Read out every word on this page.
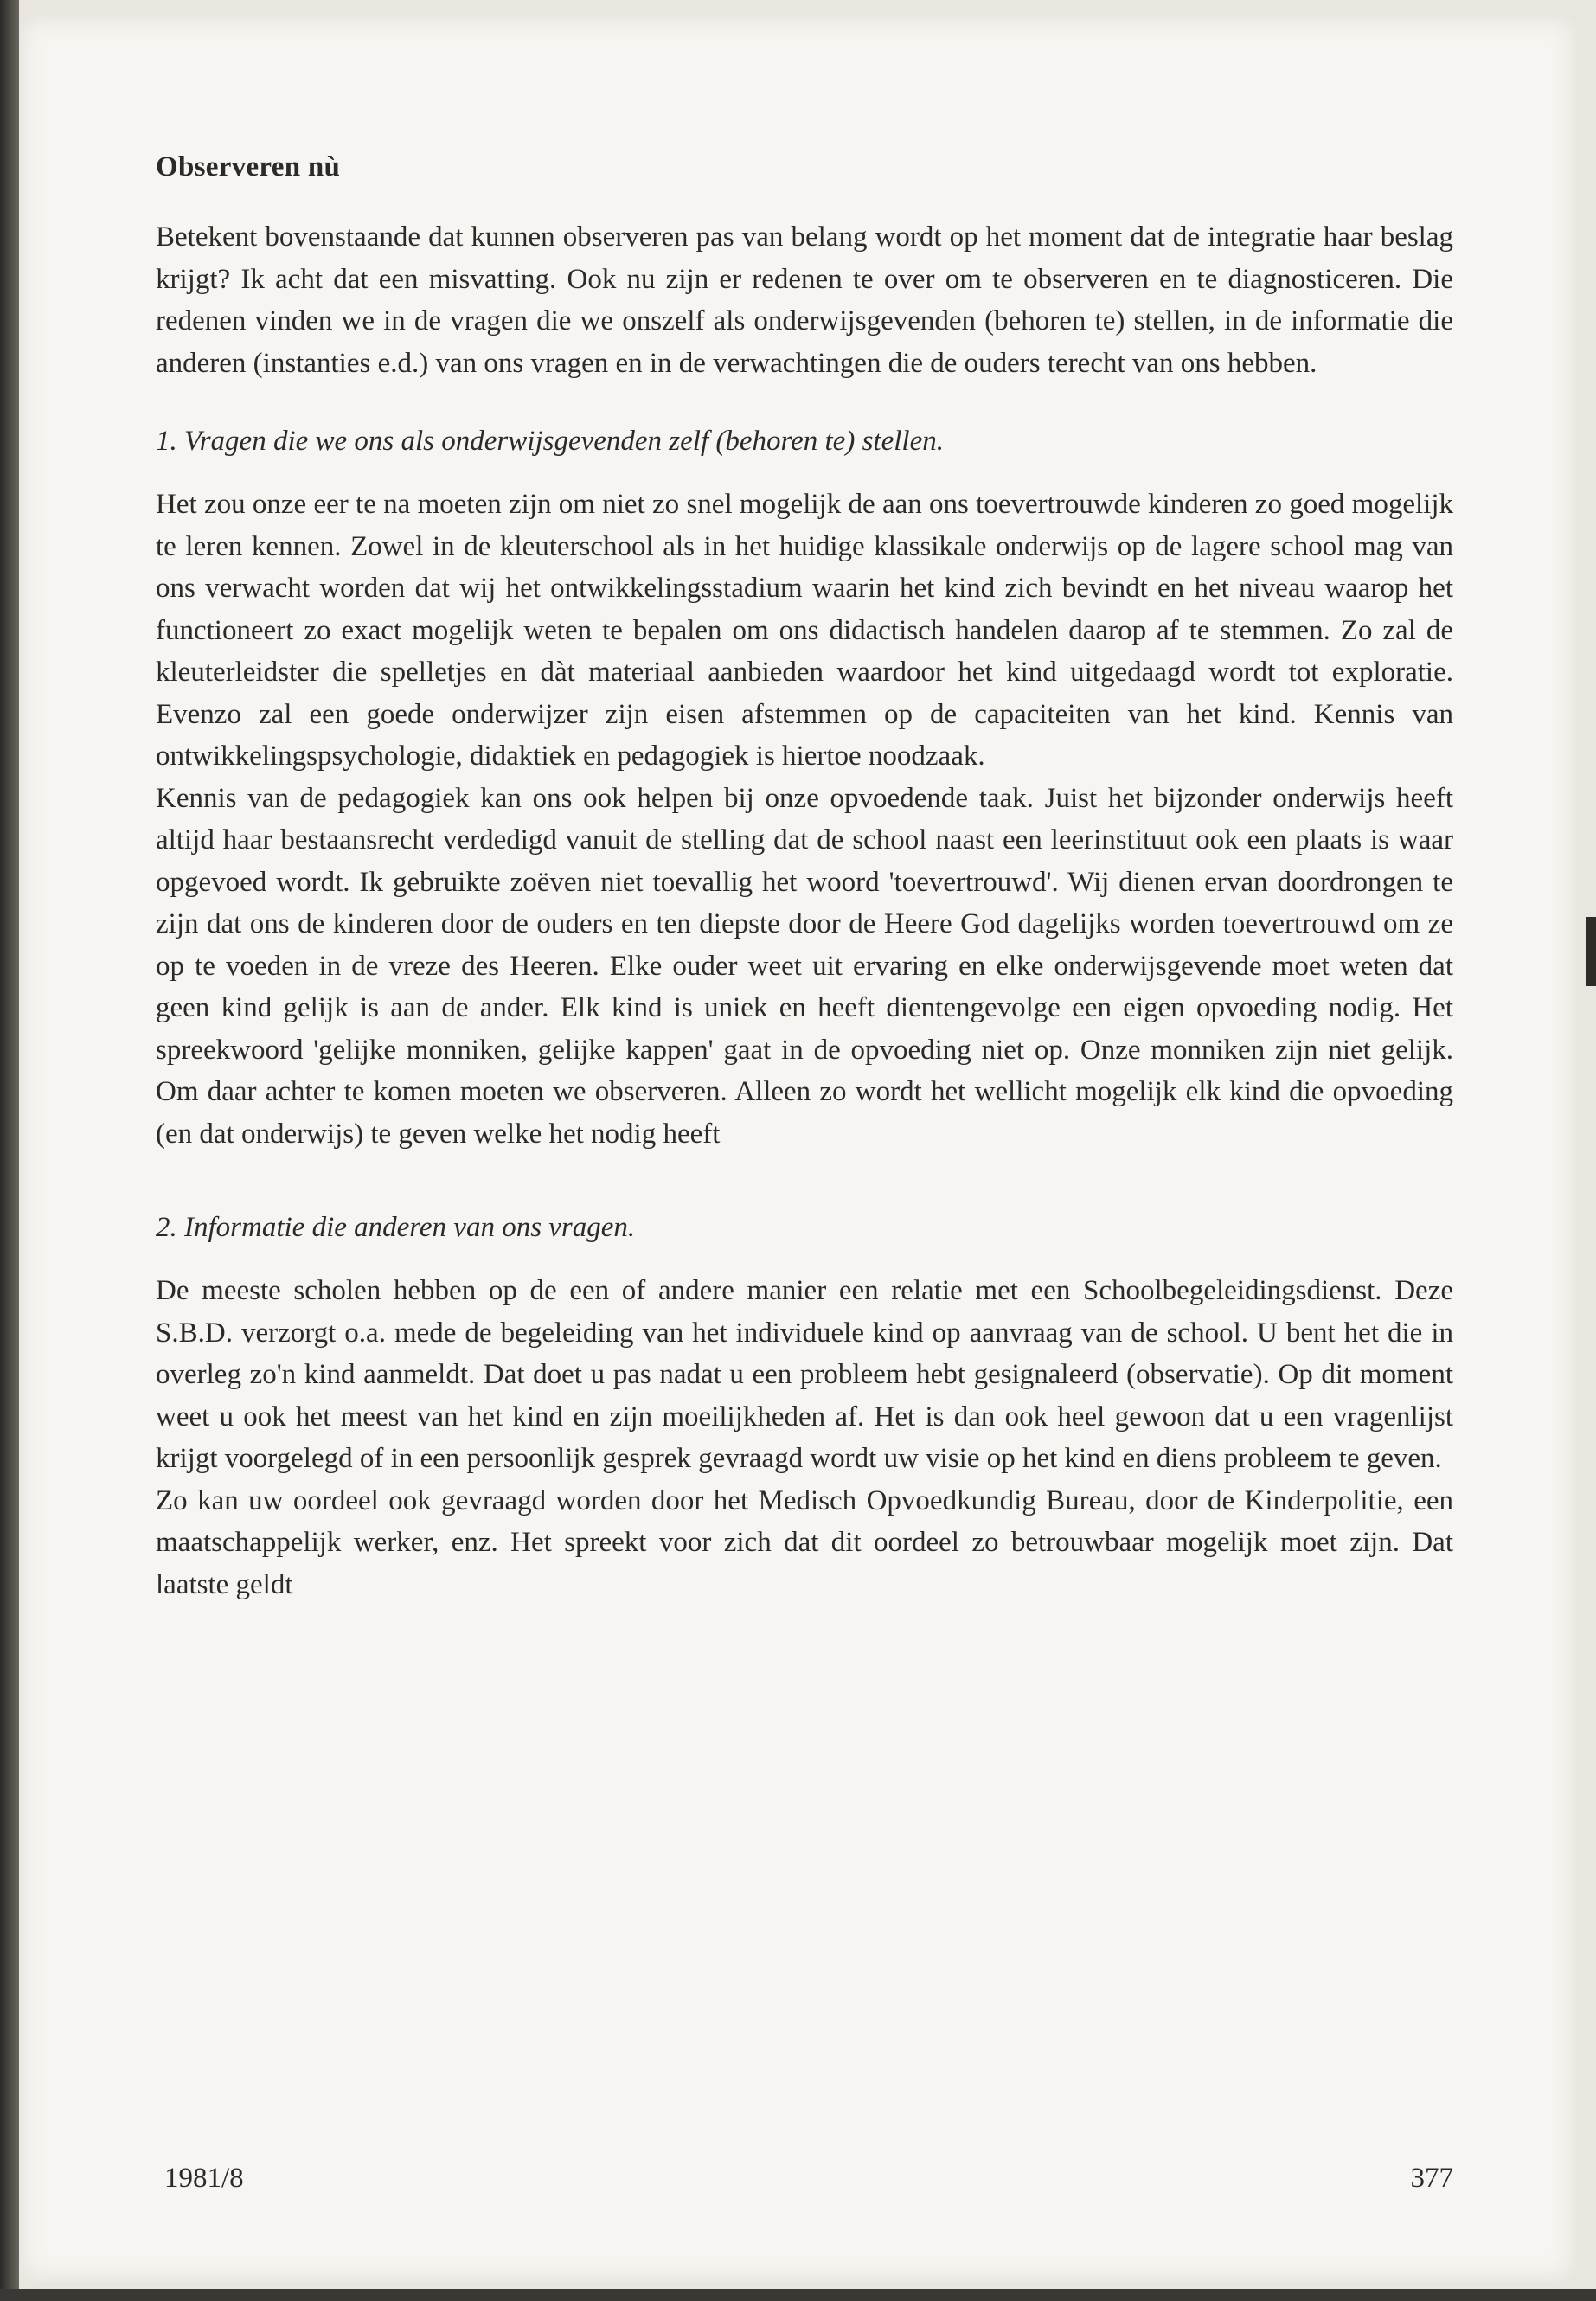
Observeren nù

Betekent bovenstaande dat kunnen observeren pas van belang wordt op het moment dat de integratie haar beslag krijgt? Ik acht dat een misvatting. Ook nu zijn er redenen te over om te observeren en te diagnosticeren. Die redenen vinden we in de vragen die we onszelf als onderwijsgevenden (behoren te) stellen, in de informatie die anderen (instanties e.d.) van ons vragen en in de verwachtingen die de ouders terecht van ons hebben.

1. Vragen die we ons als onderwijsgevenden zelf (behoren te) stellen.

Het zou onze eer te na moeten zijn om niet zo snel mogelijk de aan ons toevertrouwde kinderen zo goed mogelijk te leren kennen. Zowel in de kleuterschool als in het huidige klassikale onderwijs op de lagere school mag van ons verwacht worden dat wij het ontwikkelingsstadium waarin het kind zich bevindt en het niveau waarop het functioneert zo exact mogelijk weten te bepalen om ons didactisch handelen daarop af te stemmen. Zo zal de kleuterleidster die spelletjes en dàt materiaal aanbieden waardoor het kind uitgedaagd wordt tot exploratie. Evenzo zal een goede onderwijzer zijn eisen afstemmen op de capaciteiten van het kind. Kennis van ontwikkelingspsychologie, didaktiek en pedagogiek is hiertoe noodzaak.

Kennis van de pedagogiek kan ons ook helpen bij onze opvoedende taak. Juist het bijzonder onderwijs heeft altijd haar bestaansrecht verdedigd vanuit de stelling dat de school naast een leerinstituut ook een plaats is waar opgevoed wordt. Ik gebruikte zoëven niet toevallig het woord 'toevertrouwd'. Wij dienen ervan doordrongen te zijn dat ons de kinderen door de ouders en ten diepste door de Heere God dagelijks worden toevertrouwd om ze op te voeden in de vreze des Heeren. Elke ouder weet uit ervaring en elke onderwijsgevende moet weten dat geen kind gelijk is aan de ander. Elk kind is uniek en heeft dientengevolge een eigen opvoeding nodig. Het spreekwoord 'gelijke monniken, gelijke kappen' gaat in de opvoeding niet op. Onze monniken zijn niet gelijk. Om daar achter te komen moeten we observeren. Alleen zo wordt het wellicht mogelijk elk kind die opvoeding (en dat onderwijs) te geven welke het nodig heeft

2. Informatie die anderen van ons vragen.

De meeste scholen hebben op de een of andere manier een relatie met een Schoolbegeleidingsdienst. Deze S.B.D. verzorgt o.a. mede de begeleiding van het individuele kind op aanvraag van de school. U bent het die in overleg zo'n kind aanmeldt. Dat doet u pas nadat u een probleem hebt gesignaleerd (observatie). Op dit moment weet u ook het meest van het kind en zijn moeilijkheden af. Het is dan ook heel gewoon dat u een vragenlijst krijgt voorgelegd of in een persoonlijk gesprek gevraagd wordt uw visie op het kind en diens probleem te geven.

Zo kan uw oordeel ook gevraagd worden door het Medisch Opvoedkundig Bureau, door de Kinderpolitie, een maatschappelijk werker, enz. Het spreekt voor zich dat dit oordeel zo betrouwbaar mogelijk moet zijn. Dat laatste geldt

1981/8	377
